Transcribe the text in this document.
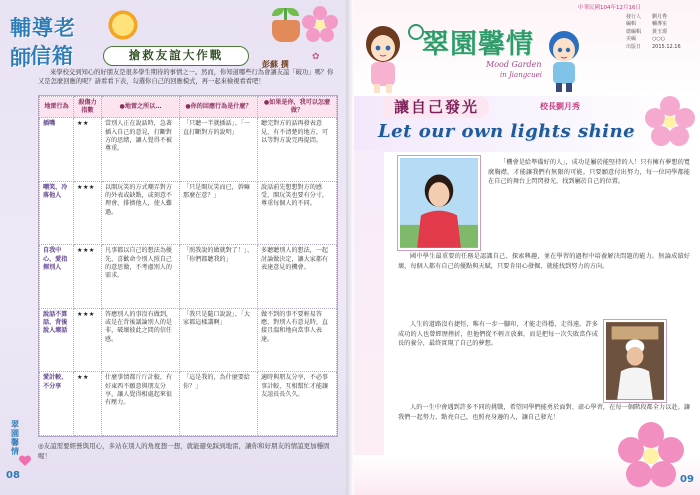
輔導老師
信箱	搶救友誼大作戰
彭蘇 撰
✿

來學校交到知心的好朋友是很多學生期待的事情之一。然而，你知道哪些行為會讓友誼「破功」嗎？你又是怎麼回應的呢？請看看下表，勾選你自己的回應模式，再一起來檢視看看吧！

地雷行為	殺傷力指數	●地雷之所以…	●你的回應行為是什麼？	●如果是你，我可以怎麼做？
插嘴	★★	當別人正在說話時，急著插入自己的意見，打斷對方的思緒，讓人覺得不被尊重。	「只聽一半就插話」、「一直打斷對方的說明」	聽完對方的話再發表意見，有不清楚的地方，可以等對方說完再提問。
嘲笑、冷落他人	★★★	以開玩笑的方式嘲弄對方的外表或缺點，或刻意不理會、排擠他人，使人難過。	「只是開玩笑而已，幹嘛那麼在意？」	說話前先想想對方的感受，開玩笑也要有分寸，尊重每個人的不同。
自我中心、愛指揮別人	★★★	凡事都以自己的想法為優先，喜歡命令別人照自己的意思做，不考慮別人的需求。	「照我說的做就對了！」、「你們都聽我的」	多聽聽別人的想法，一起討論做決定，讓大家都有表達意見的機會。
說話不算話、背後說人壞話	★★★	答應別人的事沒有做到，或是在背後議論別人的是非，破壞彼此之間的信任感。	「我只是隨口說說」、「大家都這樣講啊」	做不到的事不要輕易答應，對別人有意見時，直接且溫和地向當事人表達。
愛計較、不分享	★★	什麼事情都斤斤計較，有好東西不願意與朋友分享，讓人覺得相處起來很有壓力。	「這是我的，為什麼要給你？」	適時與朋友分享，不必事事計較，互相幫忙才能讓友誼長長久久。
◎友誼需要經營與用心，多站在別人的角度想一想，就能避免踩到地雷，讓你和好朋友的情誼更加穩固喔！
翠園馨情
08
中華民國104年12月16日
翠園馨情
Mood Garden
in Jiangcuei
發行人 劉月秀
編輯	輔導室
總編輯 黃玉璟
美編	○○○
出版日 2015.12.16
讓自己發光	校長劉月秀
Let our own lights shine

「機會是給準備好的人」，成功是屬於能堅持的人！只有擁有夢想的寬廣胸襟，才能讓我們有無限的可能。只要願意付出努力，每一位同學都能在自己的舞台上閃閃發光，找到屬於自己的位置。

國中學生最重要的任務是認識自己、探索興趣，並在學習的過程中培養解決問題的能力。無論成績好壞，每個人都有自己的優點與天賦，只要肯用心發掘，就能找到努力的方向。

人生的道路沒有捷徑，唯有一步一腳印，才能走得穩、走得遠。許多成功的人也曾經歷挫折，但他們從不輕言放棄，而是把每一次失敗當作成長的養分，最終實現了自己的夢想。

人的一生中會遇到許多不同的挑戰，希望同學們能勇於面對、虛心學習，在每一個階段都全力以赴。讓我們一起努力，點亮自己，也照亮身邊的人，讓自己發光！

09
